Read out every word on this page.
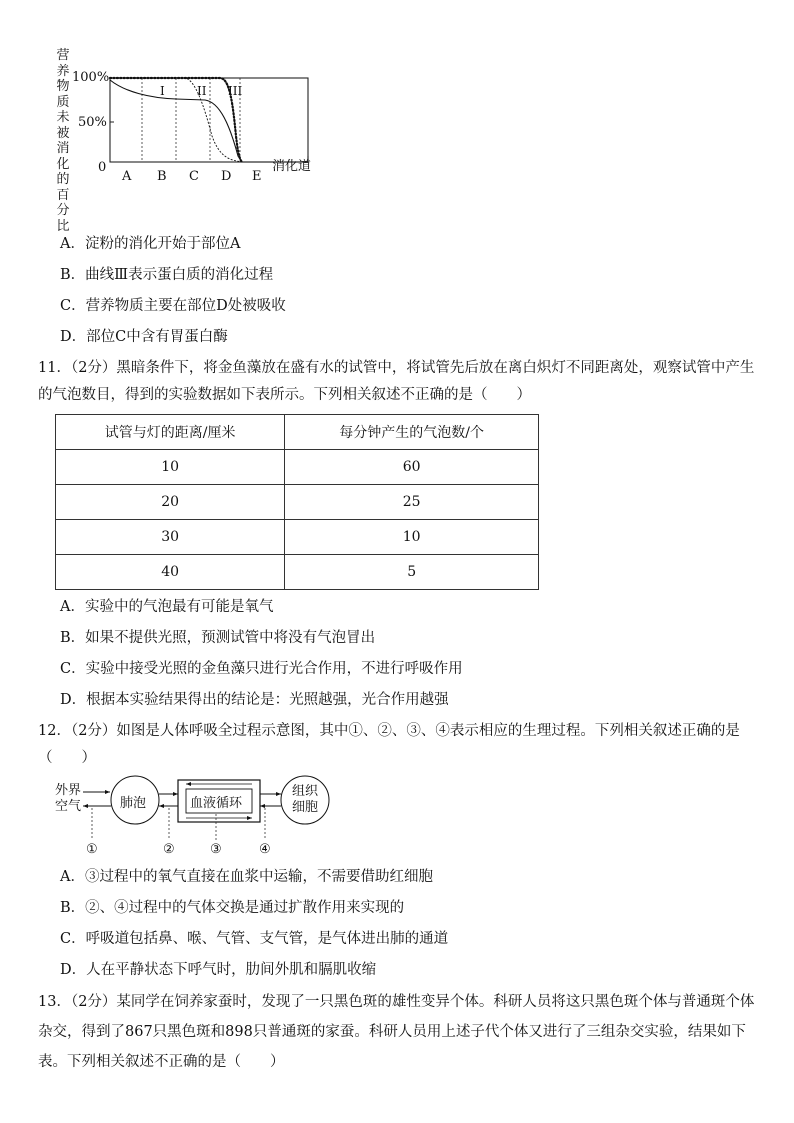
营养物质未被消化的百分比
100%
50%
0
A B C D E
消化道
I	II III
A．淀粉的消化开始于部位A
B．曲线Ⅲ表示蛋白质的消化过程
C．营养物质主要在部位D处被吸收
D．部位C中含有胃蛋白酶
11．（2分）黑暗条件下，将金鱼藻放在盛有水的试管中，将试管先后放在离白炽灯不同距离处，观察试管中产生的气泡数目，得到的实验数据如下表所示。下列相关叙述不正确的是（　　）
试管与灯的距离/厘米	每分钟产生的气泡数/个
10	60
20	25
30	10
40	5
A．实验中的气泡最有可能是氧气
B．如果不提供光照，预测试管中将没有气泡冒出
C．实验中接受光照的金鱼藻只进行光合作用，不进行呼吸作用
D．根据本实验结果得出的结论是：光照越强，光合作用越强
12．（2分）如图是人体呼吸全过程示意图，其中①、②、③、④表示相应的生理过程。下列相关叙述正确的是（　　）
外界
空气	肺泡	血液循环
组织
细胞
①	②	③	④
A．③过程中的氧气直接在血浆中运输，不需要借助红细胞
B．②、④过程中的气体交换是通过扩散作用来实现的
C．呼吸道包括鼻、喉、气管、支气管，是气体进出肺的通道
D．人在平静状态下呼气时，肋间外肌和膈肌收缩
13．（2分）某同学在饲养家蚕时，发现了一只黑色斑的雄性变异个体。科研人员将这只黑色斑个体与普通斑个体杂交，得到了867只黑色斑和898只普通斑的家蚕。科研人员用上述子代个体又进行了三组杂交实验，结果如下表。下列相关叙述不正确的是（　　）
